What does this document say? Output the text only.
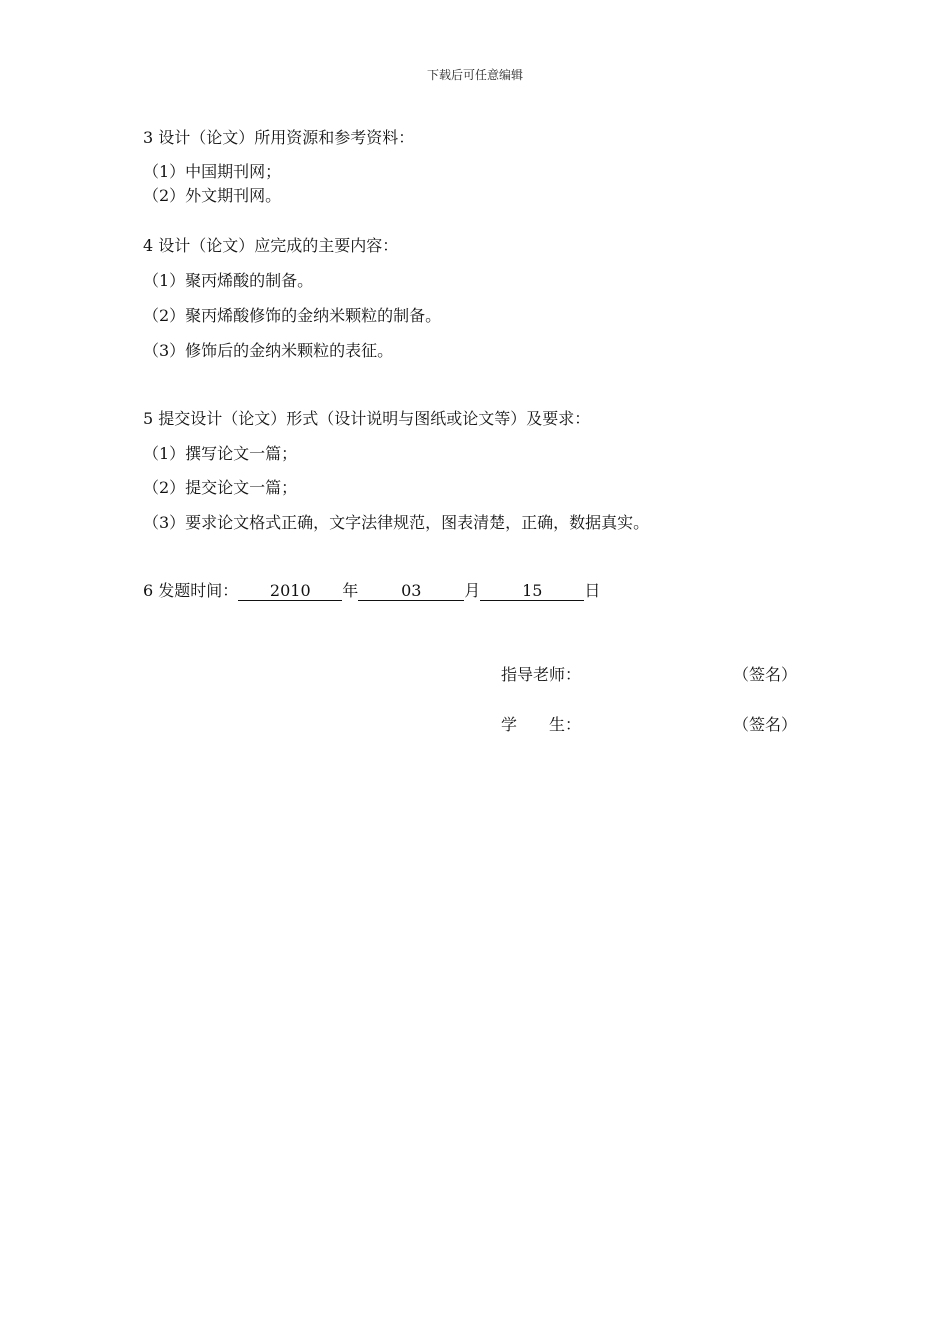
下载后可任意编辑
3 设计（论文）所用资源和参考资料：
（1）中国期刊网；
（2）外文期刊网。
4 设计（论文）应完成的主要内容：
（1）聚丙烯酸的制备。
（2）聚丙烯酸修饰的金纳米颗粒的制备。
（3）修饰后的金纳米颗粒的表征。
5 提交设计（论文）形式（设计说明与图纸或论文等）及要求：
（1）撰写论文一篇；
（2）提交论文一篇；
（3）要求论文格式正确，文字法律规范，图表清楚，正确，数据真实。
6 发题时间： 2010 年	03	月	15	日
指导老师：	（签名）
学　　生：	（签名）
